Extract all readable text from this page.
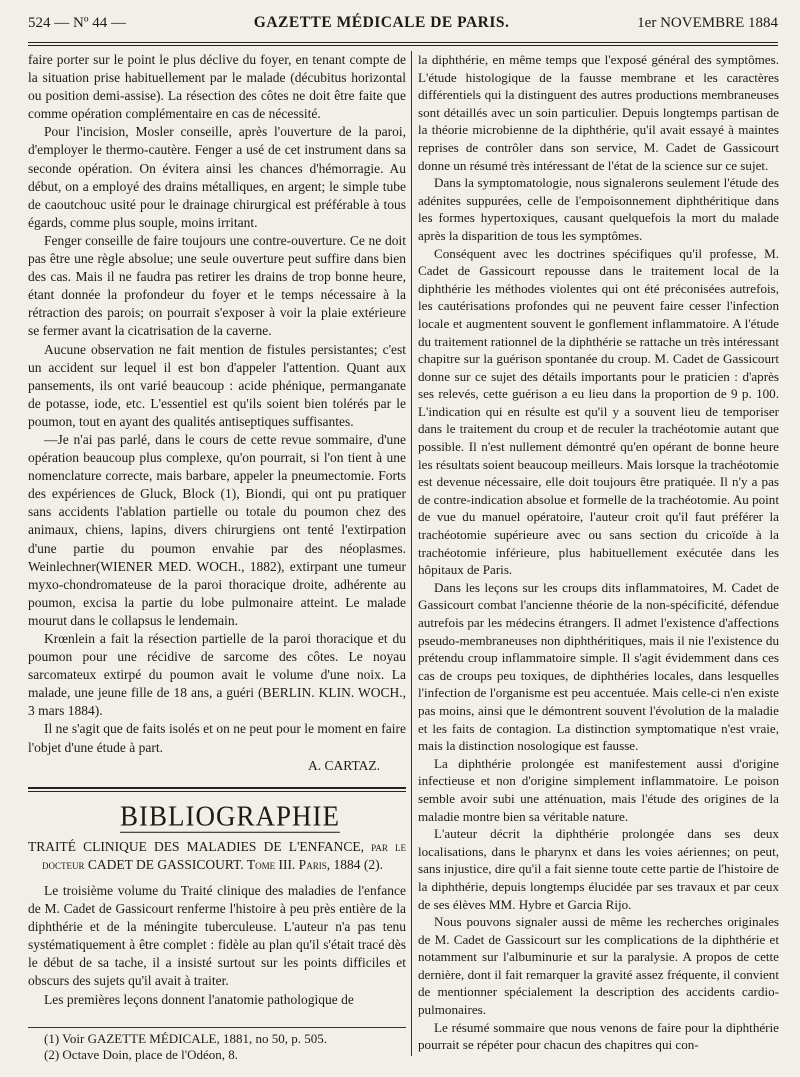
524 — Nº 44 —	GAZETTE MÉDICALE DE PARIS.	1er NOVEMBRE 1884

faire porter sur le point le plus déclive du foyer, en tenant compte de la situation prise habituellement par le malade (décubitus horizontal ou position demi-assise). La résection des côtes ne doit être faite que comme opération complémentaire en cas de nécessité.

Pour l'incision, Mosler conseille, après l'ouverture de la paroi, d'employer le thermo-cautère. Fenger a usé de cet instrument dans sa seconde opération. On évitera ainsi les chances d'hémorragie. Au début, on a employé des drains métalliques, en argent; le simple tube de caoutchouc usité pour le drainage chirurgical est préférable à tous égards, comme plus souple, moins irritant.

Fenger conseille de faire toujours une contre-ouverture. Ce ne doit pas être une règle absolue; une seule ouverture peut suffire dans bien des cas. Mais il ne faudra pas retirer les drains de trop bonne heure, étant donnée la profondeur du foyer et le temps nécessaire à la rétraction des parois; on pourrait s'exposer à voir la plaie extérieure se fermer avant la cicatrisation de la caverne.

Aucune observation ne fait mention de fistules persistantes; c'est un accident sur lequel il est bon d'appeler l'attention. Quant aux pansements, ils ont varié beaucoup : acide phénique, permanganate de potasse, iode, etc. L'essentiel est qu'ils soient bien tolérés par le poumon, tout en ayant des qualités antiseptiques suffisantes.

—Je n'ai pas parlé, dans le cours de cette revue sommaire, d'une opération beaucoup plus complexe, qu'on pourrait, si l'on tient à une nomenclature correcte, mais barbare, appeler la pneumectomie. Forts des expériences de Gluck, Block (1), Biondi, qui ont pu pratiquer sans accidents l'ablation partielle ou totale du poumon chez des animaux, chiens, lapins, divers chirurgiens ont tenté l'extirpation d'une partie du poumon envahie par des néoplasmes. Weinlechner(WIENER MED. WOCH., 1882), extirpant une tumeur myxo-chondromateuse de la paroi thoracique droite, adhérente au poumon, excisa la partie du lobe pulmonaire atteint. Le malade mourut dans le collapsus le lendemain.

Krœnlein a fait la résection partielle de la paroi thoracique et du poumon pour une récidive de sarcome des côtes. Le noyau sarcomateux extirpé du poumon avait le volume d'une noix. La malade, une jeune fille de 18 ans, a guéri (BERLIN. KLIN. WOCH., 3 mars 1884).

Il ne s'agit que de faits isolés et on ne peut pour le moment en faire l'objet d'une étude à part.

A. CARTAZ.

BIBLIOGRAPHIE

TRAITÉ CLINIQUE DES MALADIES DE L'ENFANCE, par le docteur CADET DE GASSICOURT. Tome III. Paris, 1884 (2).

Le troisième volume du Traité clinique des maladies de l'enfance de M. Cadet de Gassicourt renferme l'histoire à peu près entière de la diphthérie et de la méningite tuberculeuse. L'auteur n'a pas tenu systématiquement à être complet : fidèle au plan qu'il s'était tracé dès le début de sa tache, il a insisté surtout sur les points difficiles et obscurs des sujets qu'il avait à traiter.

Les premières leçons donnent l'anatomie pathologique de

la diphthérie, en même temps que l'exposé général des symptômes. L'étude histologique de la fausse membrane et les caractères différentiels qui la distinguent des autres productions membraneuses sont détaillés avec un soin particulier. Depuis longtemps partisan de la théorie microbienne de la diphthérie, qu'il avait essayé à maintes reprises de contrôler dans son service, M. Cadet de Gassicourt donne un résumé très intéressant de l'état de la science sur ce sujet.

Dans la symptomatologie, nous signalerons seulement l'étude des adénites suppurées, celle de l'empoisonnement diphthéritique dans les formes hypertoxiques, causant quelquefois la mort du malade après la disparition de tous les symptômes.

Conséquent avec les doctrines spécifiques qu'il professe, M. Cadet de Gassicourt repousse dans le traitement local de la diphthérie les méthodes violentes qui ont été préconisées autrefois, les cautérisations profondes qui ne peuvent faire cesser l'infection locale et augmentent souvent le gonflement inflammatoire. A l'étude du traitement rationnel de la diphthérie se rattache un très intéressant chapitre sur la guérison spontanée du croup. M. Cadet de Gassicourt donne sur ce sujet des détails importants pour le praticien : d'après ses relevés, cette guérison a eu lieu dans la proportion de 9 p. 100. L'indication qui en résulte est qu'il y a souvent lieu de temporiser dans le traitement du croup et de reculer la trachéotomie autant que possible. Il n'est nullement démontré qu'en opérant de bonne heure les résultats soient beaucoup meilleurs. Mais lorsque la trachéotomie est devenue nécessaire, elle doit toujours être pratiquée. Il n'y a pas de contre-indication absolue et formelle de la trachéotomie. Au point de vue du manuel opératoire, l'auteur croit qu'il faut préférer la trachéotomie supérieure avec ou sans section du cricoïde à la trachéotomie inférieure, plus habituellement exécutée dans les hôpitaux de Paris.

Dans les leçons sur les croups dits inflammatoires, M. Cadet de Gassicourt combat l'ancienne théorie de la non-spécificité, défendue autrefois par les médecins étrangers. Il admet l'existence d'affections pseudo-membraneuses non diphthéritiques, mais il nie l'existence du prétendu croup inflammatoire simple. Il s'agit évidemment dans ces cas de croups peu toxiques, de diphthéries locales, dans lesquelles l'infection de l'organisme est peu accentuée. Mais celle-ci n'en existe pas moins, ainsi que le démontrent souvent l'évolution de la maladie et les faits de contagion. La distinction symptomatique n'est vraie, mais la distinction nosologique est fausse.

La diphthérie prolongée est manifestement aussi d'origine infectieuse et non d'origine simplement inflammatoire. Le poison semble avoir subi une atténuation, mais l'étude des origines de la maladie montre bien sa véritable nature.

L'auteur décrit la diphthérie prolongée dans ses deux localisations, dans le pharynx et dans les voies aériennes; on peut, sans injustice, dire qu'il a fait sienne toute cette partie de l'histoire de la diphthérie, depuis longtemps élucidée par ses travaux et par ceux de ses élèves MM. Hybre et Garcia Rijo.

Nous pouvons signaler aussi de même les recherches originales de M. Cadet de Gassicourt sur les complications de la diphthérie et notamment sur l'albuminurie et sur la paralysie. A propos de cette dernière, dont il fait remarquer la gravité assez fréquente, il convient de mentionner spécialement la description des accidents cardio-pulmonaires.

Le résumé sommaire que nous venons de faire pour la diphthérie pourrait se répéter pour chacun des chapitres qui con-

(1) Voir GAZETTE MÉDICALE, 1881, no 50, p. 505.
(2) Octave Doin, place de l'Odéon, 8.
